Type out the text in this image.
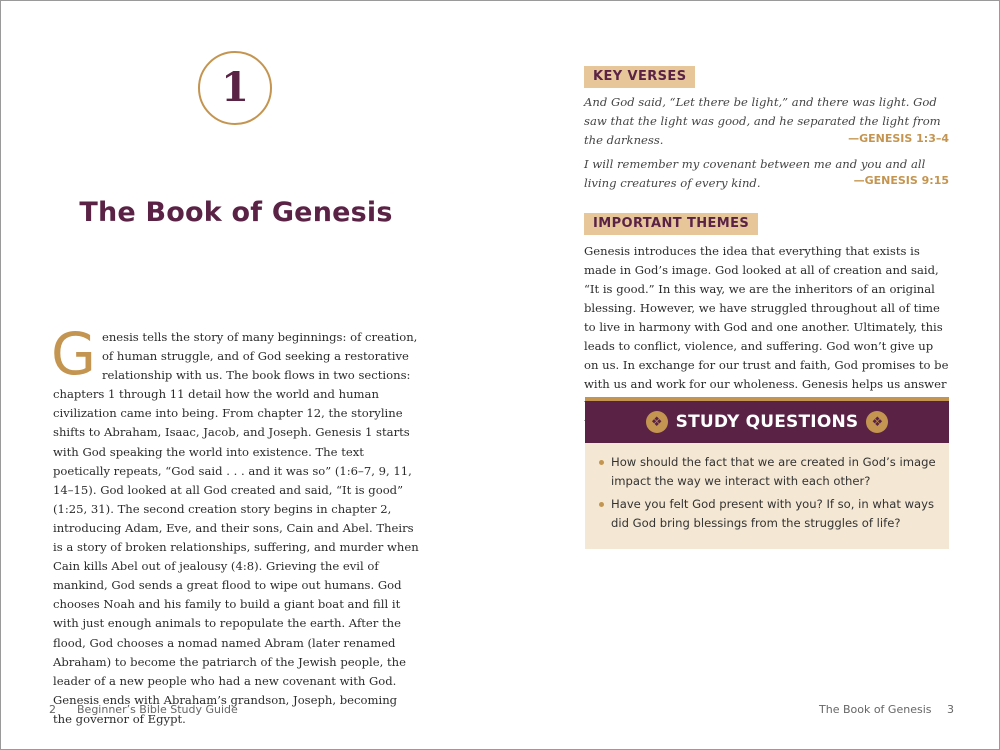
1
The Book of Genesis

Genesis tells the story of many beginnings: of creation, of human struggle, and of God seeking a restorative relationship with us. The book flows in two sections: chapters 1 through 11 detail how the world and human civilization came into being. From chapter 12, the storyline shifts to Abraham, Isaac, Jacob, and Joseph. Genesis 1 starts with God speaking the world into existence. The text poetically repeats, “God said . . . and it was so” (1:6–7, 9, 11, 14–15). God looked at all God created and said, “It is good” (1:25, 31). The second creation story begins in chapter 2, introducing Adam, Eve, and their sons, Cain and Abel. Theirs is a story of broken relationships, suffering, and murder when Cain kills Abel out of jealousy (4:8). Grieving the evil of mankind, God sends a great flood to wipe out humans. God chooses Noah and his family to build a giant boat and fill it with just enough animals to repopulate the earth. After the flood, God chooses a nomad named Abram (later renamed Abraham) to become the patriarch of the Jewish people, the leader of a new people who had a new covenant with God. Genesis ends with Abraham’s grandson, Joseph, becoming the governor of Egypt.

2 Beginner’s Bible Study Guide
KEY VERSES

And God said, “Let there be light,” and there was light. God saw that the light was good, and he separated the light from the darkness.	—GENESIS 1:3–4

I will remember my covenant between me and you and all living creatures of every kind.	—GENESIS 9:15
IMPORTANT THEMES

Genesis introduces the idea that everything that exists is made in God’s image. God looked at all of creation and said, “It is good.” In this way, we are the inheritors of an original blessing. However, we have struggled throughout all of time to live in harmony with God and one another. Ultimately, this leads to conflict, violence, and suffering. God won’t give up on us. In exchange for our trust and faith, God promises to be with us and work for our wholeness. Genesis helps us answer

❖ STUDY QUESTIONS	❖
How should the fact that we are created in God’s image impact the way we interact with each other?
Have you felt God present with you? If so, in what ways did God bring blessings from the struggles of life?
The Book of Genesis 3
